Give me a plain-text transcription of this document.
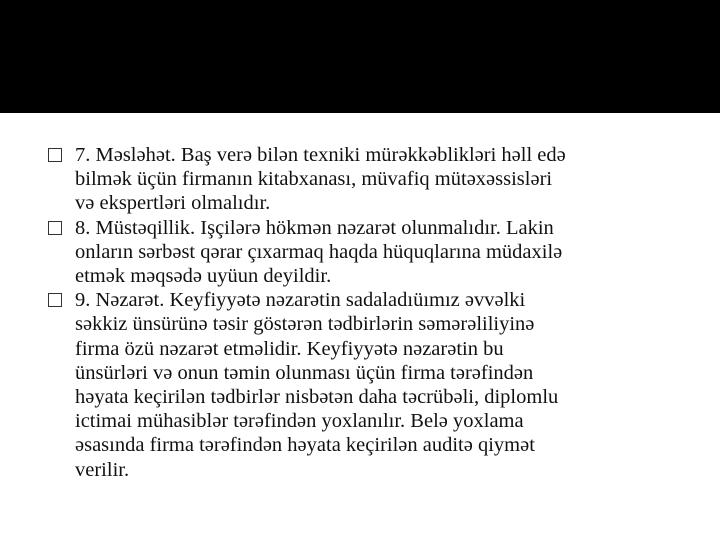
7. Məsləhət. Baş verə bilən texniki mürəkkəblikləri həll edə
bilmək üçün firmanın kitabxanası, müvafiq mütəxəssisləri
və ekspertləri olmalıdır.
8. Müstəqillik. Işçilərə hökmən nəzarət olunmalıdır. Lakin
onların sərbəst qərar çıxarmaq haqda hüquqlarına müdaxilə
etmək məqsədə uyüun deyildir.
9. Nəzarət. Keyfiyyətə nəzarətin sadaladıüımız əvvəlki
səkkiz ünsürünə təsir göstərən tədbirlərin səmərəliliyinə
firma özü nəzarət etməlidir. Keyfiyyətə nəzarətin bu
ünsürləri və onun təmin olunması üçün firma tərəfindən
həyata keçirilən tədbirlər nisbətən daha təcrübəli, diplomlu
ictimai mühasiblər tərəfindən yoxlanılır. Belə yoxlama
əsasında firma tərəfindən həyata keçirilən auditə qiymət
verilir.
